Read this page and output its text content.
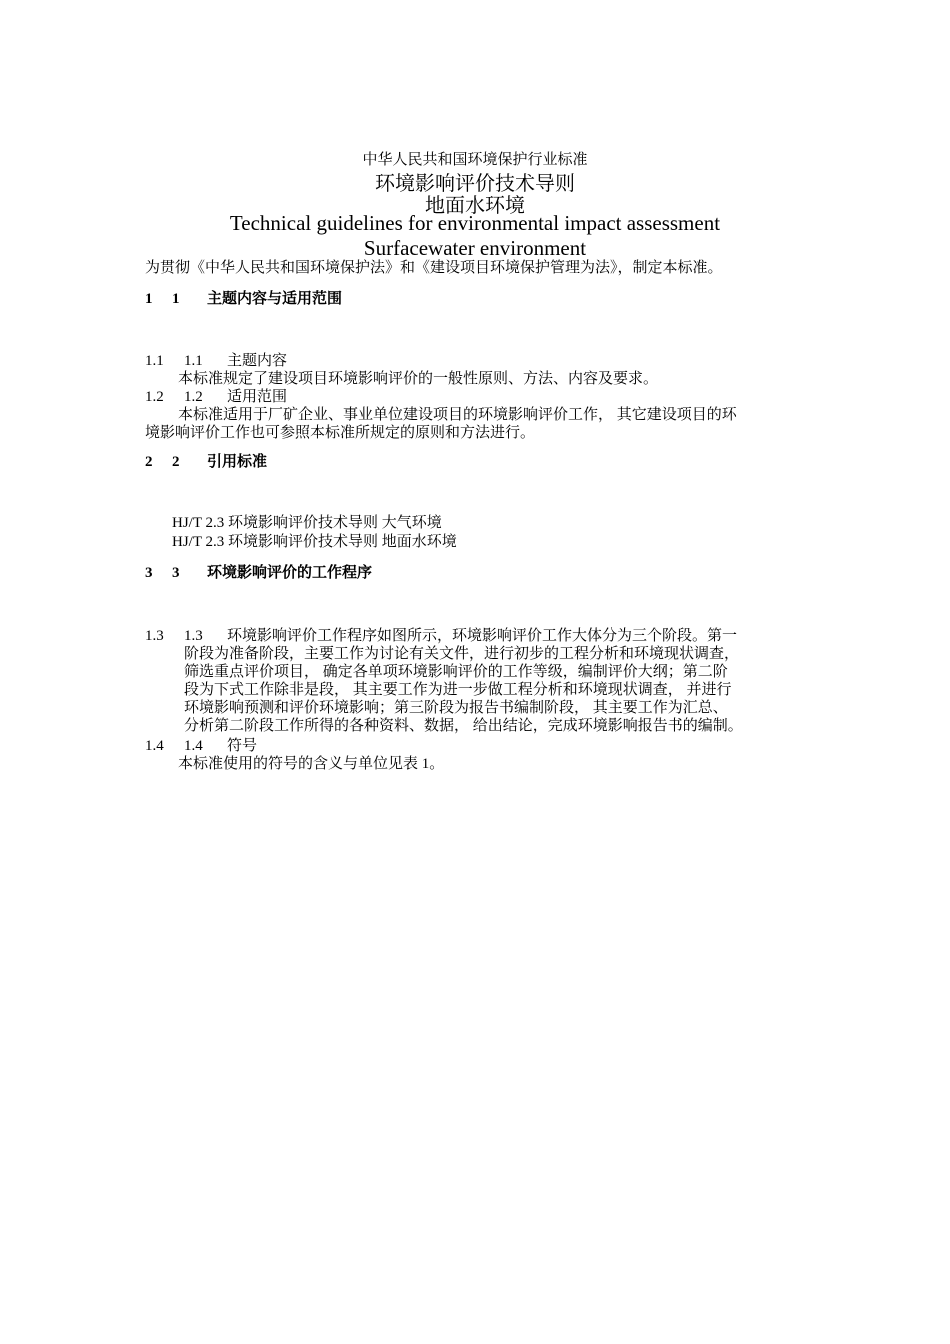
中华人民共和国环境保护行业标准
环境影响评价技术导则
地面水环境
Technical guidelines for environmental impact assessment
Surfacewater environment
为贯彻《中华人民共和国环境保护法》和《建设项目环境保护管理为法》，制定本标准。
1 1 主题内容与适用范围
1.1 1.1 主题内容
本标准规定了建设项目环境影响评价的一般性原则、方法、内容及要求。
1.2 1.2 适用范围
本标准适用于厂矿企业、事业单位建设项目的环境影响评价工作， 其它建设项目的环
境影响评价工作也可参照本标准所规定的原则和方法进行。
2 2 引用标准
HJ/T 2.3 环境影响评价技术导则 大气环境
HJ/T 2.3 环境影响评价技术导则 地面水环境
3 3 环境影响评价的工作程序
1.3 1.3	环境影响评价工作程序如图所示，环境影响评价工作大体分为三个阶段。第一
阶段为准备阶段，主要工作为讨论有关文件，进行初步的工程分析和环境现状调查，
筛选重点评价项目， 确定各单项环境影响评价的工作等级，编制评价大纲；第二阶
段为下式工作除非是段， 其主要工作为进一步做工程分析和环境现状调查， 并进行
环境影响预测和评价环境影响；第三阶段为报告书编制阶段， 其主要工作为汇总、
分析第二阶段工作所得的各种资料、数据， 给出结论，完成环境影响报告书的编制。
1.4 1.4 符号
本标准使用的符号的含义与单位见表 1。
